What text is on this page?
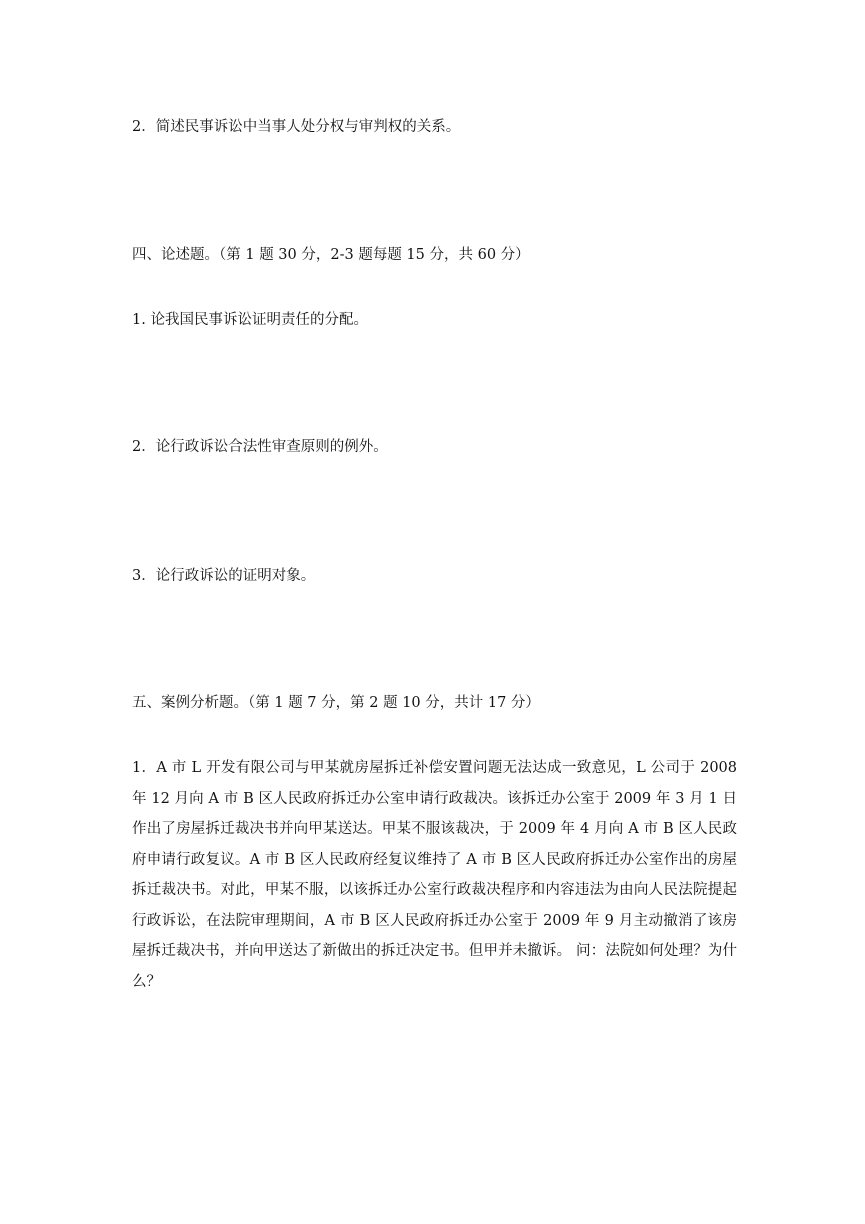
2．简述民事诉讼中当事人处分权与审判权的关系。
四、论述题。（第 1 题 30 分，2-3 题每题 15 分，共 60 分）
1. 论我国民事诉讼证明责任的分配。
2．论行政诉讼合法性审查原则的例外。
3．论行政诉讼的证明对象。
五、案例分析题。（第 1 题 7 分，第 2 题 10 分，共计 17 分）
1．A 市 L 开发有限公司与甲某就房屋拆迁补偿安置问题无法达成一致意见，L 公司于 2008 年 12 月向 A 市 B 区人民政府拆迁办公室申请行政裁决。该拆迁办公室于 2009 年 3 月 1 日作出了房屋拆迁裁决书并向甲某送达。甲某不服该裁决，于 2009 年 4 月向 A 市 B 区人民政府申请行政复议。A 市 B 区人民政府经复议维持了 A 市 B 区人民政府拆迁办公室作出的房屋拆迁裁决书。对此，甲某不服，以该拆迁办公室行政裁决程序和内容违法为由向人民法院提起行政诉讼，在法院审理期间，A 市 B 区人民政府拆迁办公室于 2009 年 9 月主动撤消了该房屋拆迁裁决书，并向甲送达了新做出的拆迁决定书。但甲并未撤诉。 问：法院如何处理？为什么？
